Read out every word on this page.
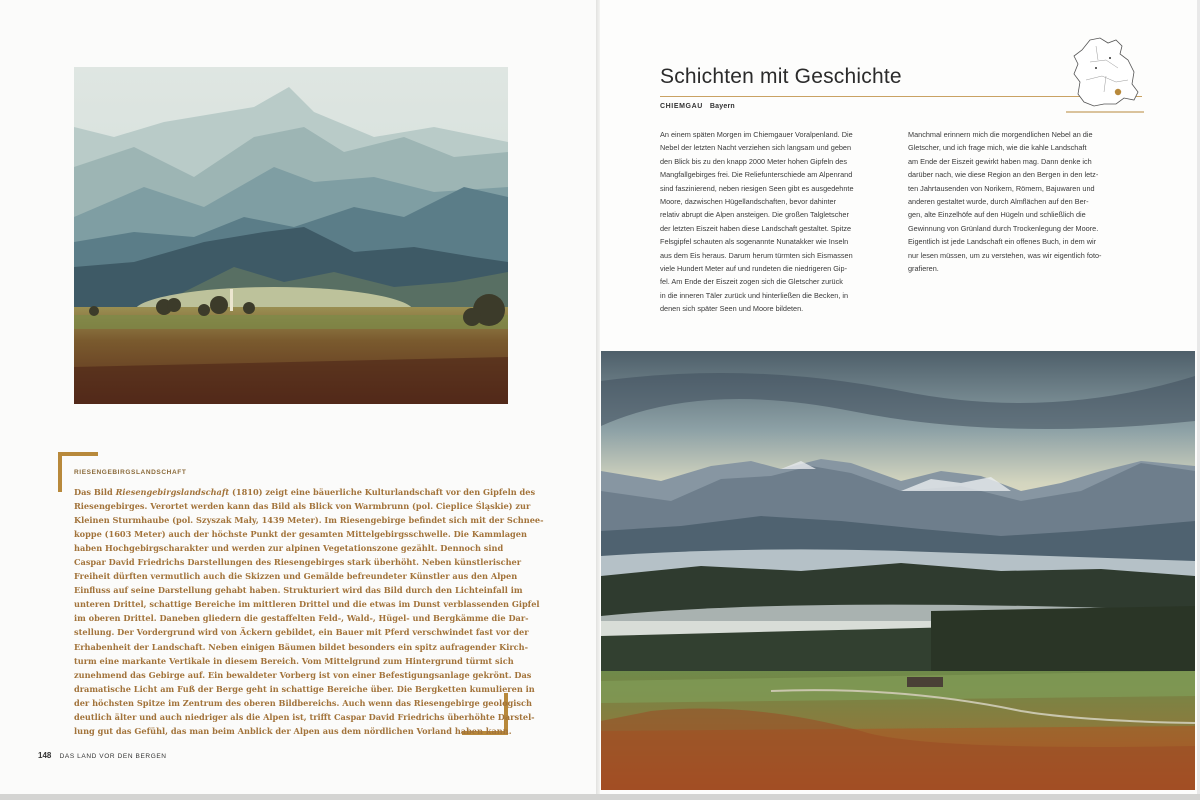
RIESENGEBIRGSLANDSCHAFT
Das Bild Riesengebirgslandschaft (1810) zeigt eine bäuerliche Kulturlandschaft vor den Gipfeln des
Riesengebirges. Verortet werden kann das Bild als Blick von Warmbrunn (pol. Cieplice Śląskie) zur
Kleinen Sturmhaube (pol. Szyszak Mały, 1439 Meter). Im Riesengebirge befindet sich mit der Schnee-
koppe (1603 Meter) auch der höchste Punkt der gesamten Mittelgebirgsschwelle. Die Kammlagen
haben Hochgebirgscharakter und werden zur alpinen Vegetationszone gezählt. Dennoch sind
Caspar David Friedrichs Darstellungen des Riesengebirges stark überhöht. Neben künstlerischer
Freiheit dürften vermutlich auch die Skizzen und Gemälde befreundeter Künstler aus den Alpen
Einfluss auf seine Darstellung gehabt haben. Strukturiert wird das Bild durch den Lichteinfall im
unteren Drittel, schattige Bereiche im mittleren Drittel und die etwas im Dunst verblassenden Gipfel
im oberen Drittel. Daneben gliedern die gestaffelten Feld-, Wald-, Hügel- und Bergkämme die Dar-
stellung. Der Vordergrund wird von Äckern gebildet, ein Bauer mit Pferd verschwindet fast vor der
Erhabenheit der Landschaft. Neben einigen Bäumen bildet besonders ein spitz aufragender Kirch-
turm eine markante Vertikale in diesem Bereich. Vom Mittelgrund zum Hintergrund türmt sich
zunehmend das Gebirge auf. Ein bewaldeter Vorberg ist von einer Befestigungsanlage gekrönt. Das
dramatische Licht am Fuß der Berge geht in schattige Bereiche über. Die Bergketten kumulieren in
der höchsten Spitze im Zentrum des oberen Bildbereichs. Auch wenn das Riesengebirge geologisch
deutlich älter und auch niedriger als die Alpen ist, trifft Caspar David Friedrichs überhöhte Darstel-
lung gut das Gefühl, das man beim Anblick der Alpen aus dem nördlichen Vorland haben kann.
148 DAS LAND VOR DEN BERGEN
Schichten mit Geschichte
CHIEMGAU Bayern
An einem späten Morgen im Chiemgauer Voralpenland. Die
Nebel der letzten Nacht verziehen sich langsam und geben
den Blick bis zu den knapp 2000 Meter hohen Gipfeln des
Mangfallgebirges frei. Die Reliefunterschiede am Alpenrand
sind faszinierend, neben riesigen Seen gibt es ausgedehnte
Moore, dazwischen Hügellandschaften, bevor dahinter
relativ abrupt die Alpen ansteigen. Die großen Talgletscher
der letzten Eiszeit haben diese Landschaft gestaltet. Spitze
Felsgipfel schauten als sogenannte Nunatakker wie Inseln
aus dem Eis heraus. Darum herum türmten sich Eismassen
viele Hundert Meter auf und rundeten die niedrigeren Gip-
fel. Am Ende der Eiszeit zogen sich die Gletscher zurück
in die inneren Täler zurück und hinterließen die Becken, in
denen sich später Seen und Moore bildeten.
Manchmal erinnern mich die morgendlichen Nebel an die
Gletscher, und ich frage mich, wie die kahle Landschaft
am Ende der Eiszeit gewirkt haben mag. Dann denke ich
darüber nach, wie diese Region an den Bergen in den letz-
ten Jahrtausenden von Norikern, Römern, Bajuwaren und
anderen gestaltet wurde, durch Almflächen auf den Ber-
gen, alte Einzelhöfe auf den Hügeln und schließlich die
Gewinnung von Grünland durch Trockenlegung der Moore.
Eigentlich ist jede Landschaft ein offenes Buch, in dem wir
nur lesen müssen, um zu verstehen, was wir eigentlich foto-
grafieren.
